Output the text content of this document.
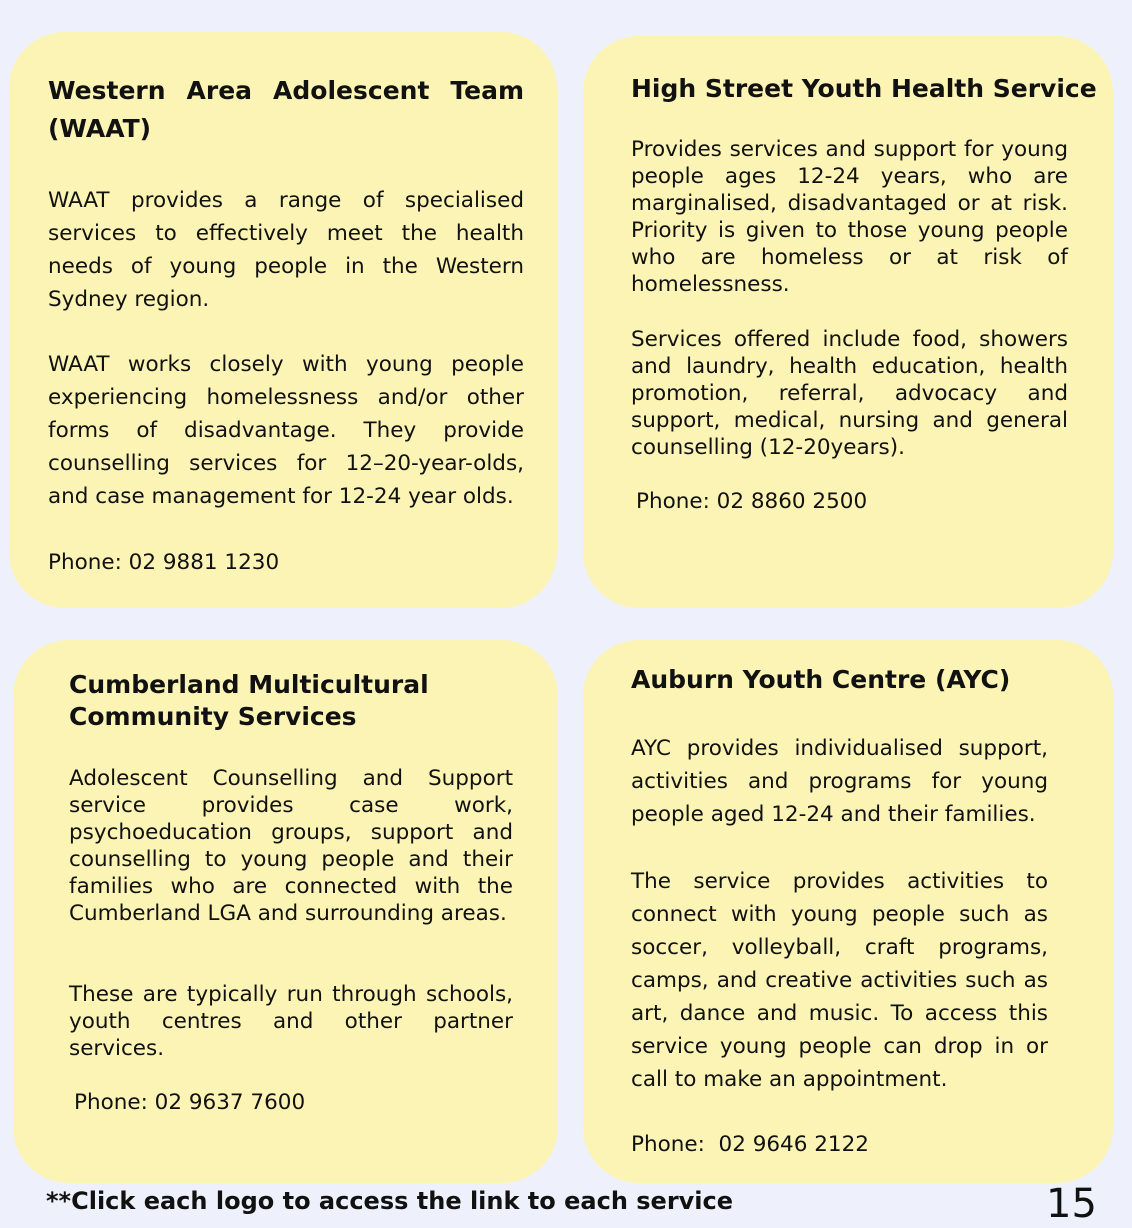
Western Area Adolescent Team (WAAT)

WAAT provides a range of specialised services to effectively meet the health needs of young people in the Western Sydney region.

WAAT works closely with young people experiencing homelessness and/or other forms of disadvantage. They provide counselling services for 12–20-year-olds, and case management for 12-24 year olds.

Phone: 02 9881 1230

High Street Youth Health Service

Provides services and support for young people ages 12-24 years, who are marginalised, disadvantaged or at risk. Priority is given to those young people who are homeless or at risk of homelessness.

Services offered include food, showers and laundry, health education, health promotion, referral, advocacy and support, medical, nursing and general counselling (12-20years).

Phone: 02 8860 2500

Cumberland Multicultural Community Services

Adolescent Counselling and Support service provides case work, psychoeducation groups, support and counselling to young people and their families who are connected with the Cumberland LGA and surrounding areas.

These are typically run through schools, youth centres and other partner services.

Phone: 02 9637 7600

Auburn Youth Centre (AYC)

AYC provides individualised support, activities and programs for young people aged 12-24 and their families.

The service provides activities to connect with young people such as soccer, volleyball, craft programs, camps, and creative activities such as art, dance and music. To access this service young people can drop in or call to make an appointment.

Phone:  02 9646 2122

**Click each logo to access the link to each service	15
